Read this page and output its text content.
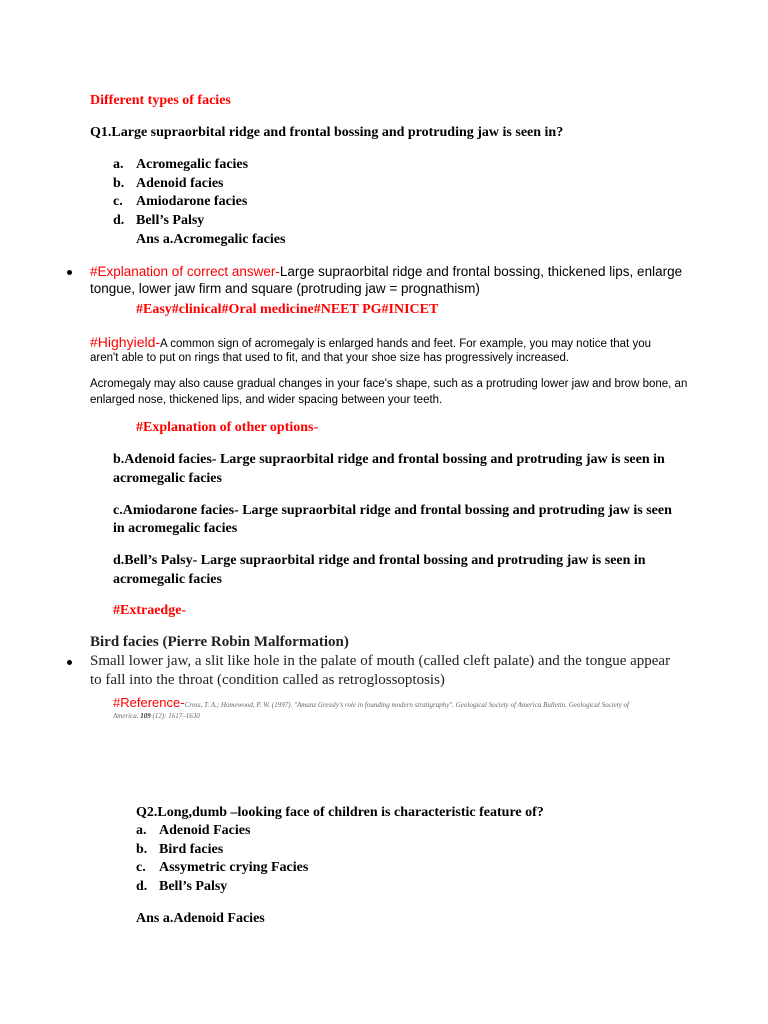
Different types of facies
Q1.Large supraorbital ridge and frontal bossing and protruding jaw is seen in?
a. Acromegalic facies
b. Adenoid facies
c. Amiodarone facies
d. Bell’s Palsy
Ans a.Acromegalic facies
#Explanation of correct answer-Large supraorbital ridge and frontal bossing, thickened lips, enlarge
tongue, lower jaw firm and square (protruding jaw = prognathism)
#Easy#clinical#Oral medicine#NEET PG#INICET
#Highyield-A common sign of acromegaly is enlarged hands and feet. For example, you may notice that you
aren't able to put on rings that used to fit, and that your shoe size has progressively increased.
Acromegaly may also cause gradual changes in your face's shape, such as a protruding lower jaw and brow bone, an
enlarged nose, thickened lips, and wider spacing between your teeth.
#Explanation of other options-
b.Adenoid facies- Large supraorbital ridge and frontal bossing and protruding jaw is seen in
acromegalic facies
c.Amiodarone facies- Large supraorbital ridge and frontal bossing and protruding jaw is seen
in acromegalic facies
d.Bell’s Palsy- Large supraorbital ridge and frontal bossing and protruding jaw is seen in
acromegalic facies
#Extraedge-
Bird facies (Pierre Robin Malformation)
Small lower jaw, a slit like hole in the palate of mouth (called cleft palate) and the tongue appear
to fall into the throat (condition called as retroglossoptosis)
#Reference-Cross, T. A.; Homewood, P. W. (1997). "Amanz Gressly's role in founding modern stratigraphy". Geological Society of America Bulletin. Geological Society of
America. 109 (12): 1617–1630
Q2.Long,dumb –looking face of children is characteristic feature of?
a. Adenoid Facies
b. Bird facies
c. Assymetric crying Facies
d. Bell’s Palsy
Ans a.Adenoid Facies
